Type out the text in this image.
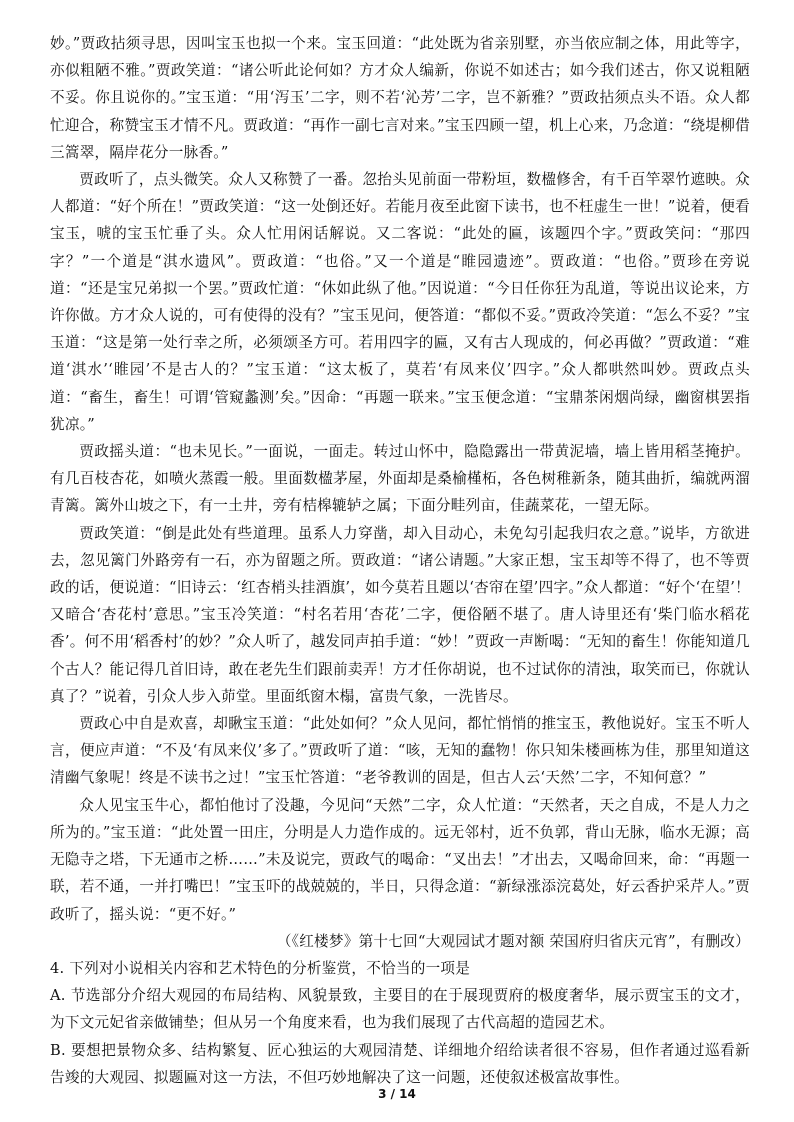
妙。”贾政拈须寻思，因叫宝玉也拟一个来。宝玉回道：“此处既为省亲别墅，亦当依应制之体，用此等字，亦似粗陋不雅。”贾政笑道：“诸公听此论何如？方才众人编新，你说不如述古；如今我们述古，你又说粗陋不妥。你且说你的。”宝玉道：“用‘泻玉’二字，则不若‘沁芳’二字，岂不新雅？”贾政拈须点头不语。众人都忙迎合，称赞宝玉才情不凡。贾政道：“再作一副七言对来。”宝玉四顾一望，机上心来，乃念道：“绕堤柳借三篙翠，隔岸花分一脉香。”

贾政听了，点头微笑。众人又称赞了一番。忽抬头见前面一带粉垣，数楹修舍，有千百竿翠竹遮映。众人都道：“好个所在！”贾政笑道：“这一处倒还好。若能月夜至此窗下读书，也不枉虚生一世！”说着，便看宝玉，唬的宝玉忙垂了头。众人忙用闲话解说。又二客说：“此处的匾，该题四个字。”贾政笑问：“那四字？”一个道是“淇水遗风”。贾政道：“也俗。”又一个道是“睢园遗迹”。贾政道：“也俗。”贾珍在旁说道：“还是宝兄弟拟一个罢。”贾政忙道：“休如此纵了他。”因说道：“今日任你狂为乱道，等说出议论来，方许你做。方才众人说的，可有使得的没有？”宝玉见问，便答道：“都似不妥。”贾政冷笑道：“怎么不妥？”宝玉道：“这是第一处行幸之所，必须颂圣方可。若用四字的匾，又有古人现成的，何必再做？”贾政道：“难道‘淇水’‘睢园’不是古人的？”宝玉道：“这太板了，莫若‘有凤来仪’四字。”众人都哄然叫妙。贾政点头道：“畜生，畜生！可谓‘管窥蠡测’矣。”因命：“再题一联来。”宝玉便念道：“宝鼎茶闲烟尚绿，幽窗棋罢指犹凉。”

贾政摇头道：“也未见长。”一面说，一面走。转过山怀中，隐隐露出一带黄泥墙，墙上皆用稻茎掩护。有几百枝杏花，如喷火蒸霞一般。里面数楹茅屋，外面却是桑榆槿柘，各色树稚新条，随其曲折，编就两溜青篱。篱外山坡之下，有一土井，旁有桔槔辘轳之属；下面分畦列亩，佳蔬菜花，一望无际。

贾政笑道：“倒是此处有些道理。虽系人力穿凿，却入目动心，未免勾引起我归农之意。”说毕，方欲进去，忽见篱门外路旁有一石，亦为留题之所。贾政道：“诸公请题。”大家正想，宝玉却等不得了，也不等贾政的话，便说道：“旧诗云：‘红杏梢头挂酒旗’，如今莫若且题以‘杏帘在望’四字。”众人都道：“好个‘在望’！又暗合‘杏花村’意思。”宝玉冷笑道：“村名若用‘杏花’二字，便俗陋不堪了。唐人诗里还有‘柴门临水稻花香’。何不用‘稻香村’的妙？”众人听了，越发同声拍手道：“妙！”贾政一声断喝：“无知的畜生！你能知道几个古人？能记得几首旧诗，敢在老先生们跟前卖弄！方才任你胡说，也不过试你的清浊，取笑而已，你就认真了？”说着，引众人步入茆堂。里面纸窗木榻，富贵气象，一洗皆尽。

贾政心中自是欢喜，却瞅宝玉道：“此处如何？”众人见问，都忙悄悄的推宝玉，教他说好。宝玉不听人言，便应声道：“不及‘有凤来仪’多了。”贾政听了道：“咳，无知的蠢物！你只知朱楼画栋为佳，那里知道这清幽气象呢！终是不读书之过！”宝玉忙答道：“老爷教训的固是，但古人云‘天然’二字，不知何意？”

众人见宝玉牛心，都怕他讨了没趣，今见问“天然”二字，众人忙道：“天然者，天之自成，不是人力之所为的。”宝玉道：“此处置一田庄，分明是人力造作成的。远无邻村，近不负郭，背山无脉，临水无源；高无隐寺之塔，下无通市之桥……”未及说完，贾政气的喝命：“叉出去！”才出去，又喝命回来，命：“再题一联，若不通，一并打嘴巴！”宝玉吓的战兢兢的，半日，只得念道：“新绿涨添浣葛处，好云香护采芹人。”贾政听了，摇头说：“更不好。”

（《红楼梦》第十七回“大观园试才题对额 荣国府归省庆元宵”，有删改）

4. 下列对小说相关内容和艺术特色的分析鉴赏，不恰当的一项是

A. 节选部分介绍大观园的布局结构、风貌景致，主要目的在于展现贾府的极度奢华，展示贾宝玉的文才，为下文元妃省亲做铺垫；但从另一个角度来看，也为我们展现了古代高超的造园艺术。

B. 要想把景物众多、结构繁复、匠心独运的大观园清楚、详细地介绍给读者很不容易，但作者通过巡看新告竣的大观园、拟题匾对这一方法，不但巧妙地解决了这一问题，还使叙述极富故事性。

3 / 14
